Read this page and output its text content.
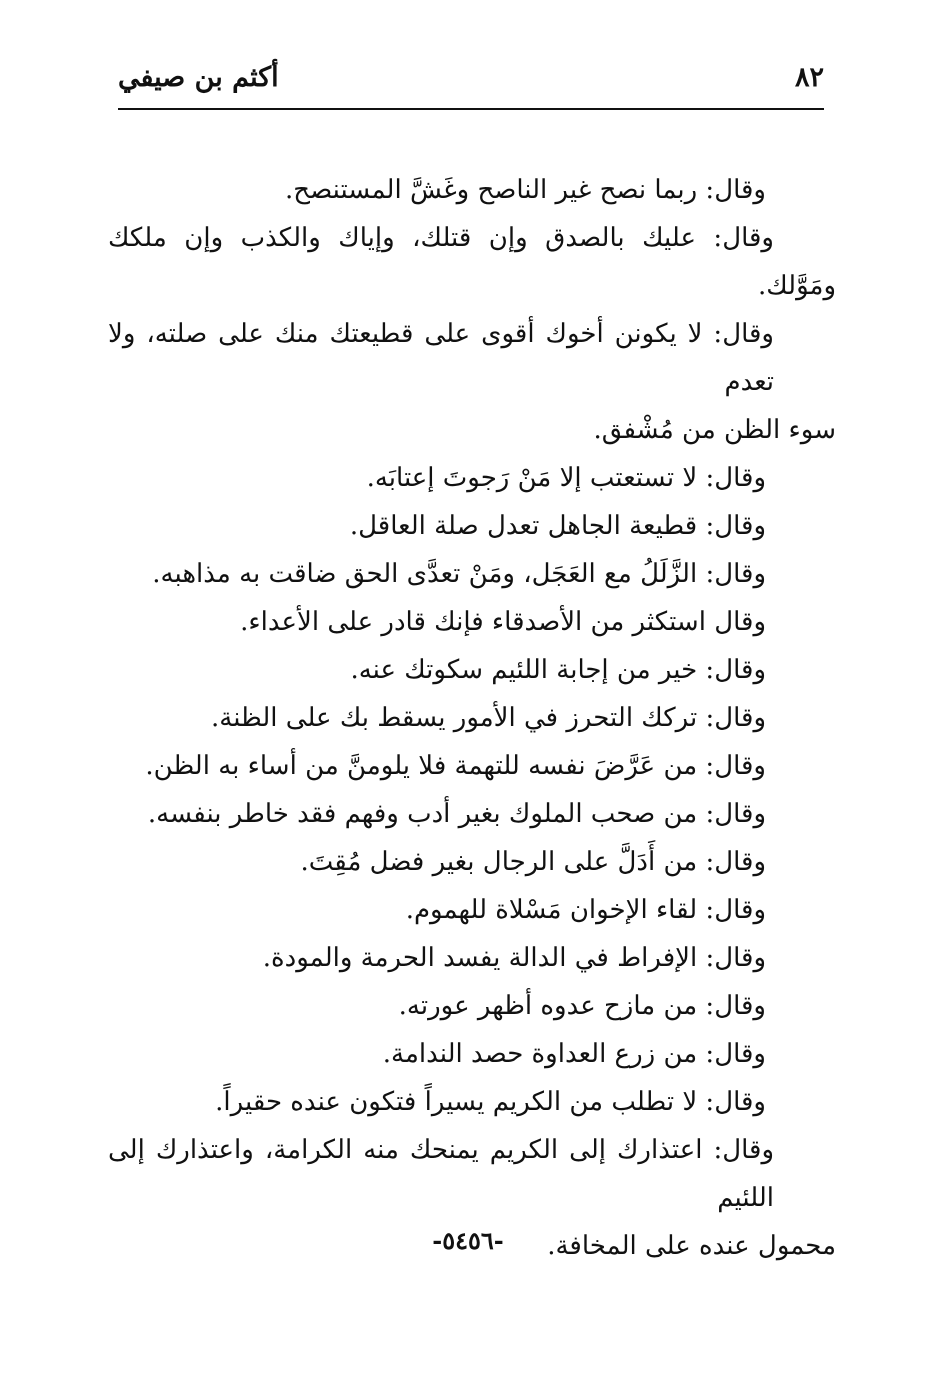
٨٢
أكثم بن صيفي
وقال: ربما نصح غير الناصح وغَشَّ المستنصح.
وقال: عليك بالصدق وإن قتلك، وإياك والكذب وإن ملكك
ومَوَّلك.
وقال: لا يكونن أخوك أقوى على قطيعتك منك على صلته، ولا تعدم
سوء الظن من مُشْفق.
وقال: لا تستعتب إلا مَنْ رَجوتَ إعتابَه.
وقال: قطيعة الجاهل تعدل صلة العاقل.
وقال: الزَّلَلُ مع العَجَل، ومَنْ تعدَّى الحق ضاقت به مذاهبه.
وقال استكثر من الأصدقاء فإنك قادر على الأعداء.
وقال: خير من إجابة اللئيم سكوتك عنه.
وقال: تركك التحرز في الأمور يسقط بك على الظنة.
وقال: من عَرَّضَ نفسه للتهمة فلا يلومنَّ من أساء به الظن.
وقال: من صحب الملوك بغير أدب وفهم فقد خاطر بنفسه.
وقال: من أَدَلَّ على الرجال بغير فضل مُقِتَ.
وقال: لقاء الإخوان مَسْلاة للهموم.
وقال: الإفراط في الدالة يفسد الحرمة والمودة.
وقال: من مازح عدوه أظهر عورته.
وقال: من زرع العداوة حصد الندامة.
وقال: لا تطلب من الكريم يسيراً فتكون عنده حقيراً.
وقال: اعتذارك إلى الكريم يمنحك منه الكرامة، واعتذارك إلى اللئيم
محمول عنده على المخافة.
-٥٤٥٦-
